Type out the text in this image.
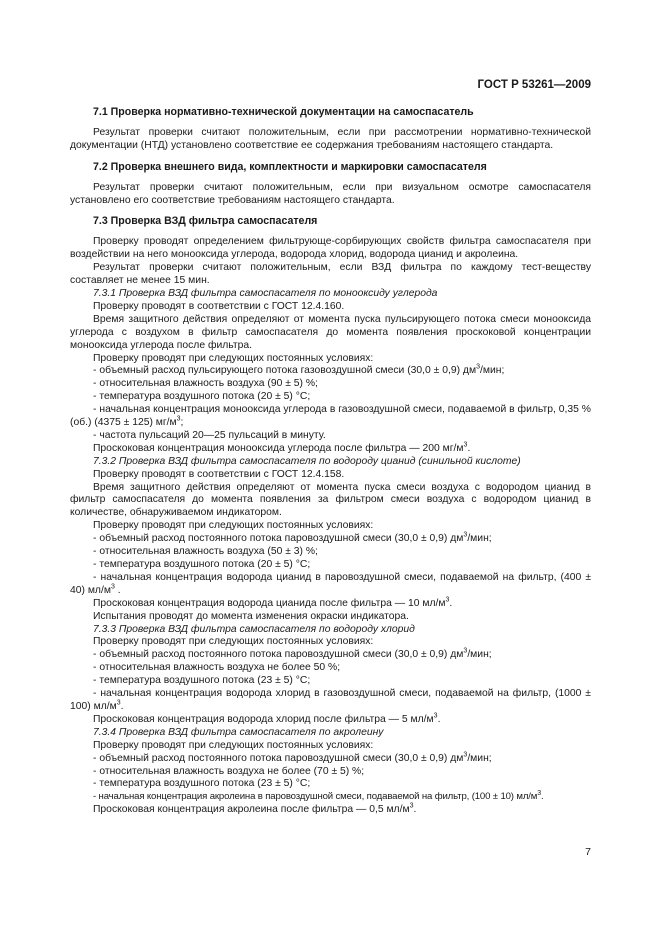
ГОСТ Р 53261—2009

7.1 Проверка нормативно-технической документации на самоспасатель

Результат проверки считают положительным, если при рассмотрении нормативно-технической документации (НТД) установлено соответствие ее содержания требованиям настоящего стандарта.

7.2 Проверка внешнего вида, комплектности и маркировки самоспасателя

Результат проверки считают положительным, если при визуальном осмотре самоспасателя установлено его соответствие требованиям настоящего стандарта.

7.3 Проверка ВЗД фильтра самоспасателя

Проверку проводят определением фильтрующе-сорбирующих свойств фильтра самоспасателя при воздействии на него монооксида углерода, водорода хлорид, водорода цианид и акролеина.

Результат проверки считают положительным, если ВЗД фильтра по каждому тест-веществу составляет не менее 15 мин.

7.3.1 Проверка ВЗД фильтра самоспасателя по монооксиду углерода

Проверку проводят в соответствии с ГОСТ 12.4.160.

Время защитного действия определяют от момента пуска пульсирующего потока смеси монооксида углерода с воздухом в фильтр самоспасателя до момента появления проскоковой концентрации монооксида углерода после фильтра.

Проверку проводят при следующих постоянных условиях:

- объемный расход пульсирующего потока газовоздушной смеси (30,0 ± 0,9) $дм^3$/мин;

- относительная влажность воздуха (90 ± 5) %;

- температура воздушного потока (20 ± 5) °С;

- начальная концентрация монооксида углерода в газовоздушной смеси, подаваемой в фильтр, 0,35 % (об.) (4375 ± 125) $мг/м^3$;

- частота пульсаций 20—25 пульсаций в минуту.

Проскоковая концентрация монооксида углерода после фильтра — 200 $мг/м^3$.

7.3.2 Проверка ВЗД фильтра самоспасателя по водороду цианид (синильной кислоте)

Проверку проводят в соответствии с ГОСТ 12.4.158.

Время защитного действия определяют от момента пуска смеси воздуха с водородом цианид в фильтр самоспасателя до момента появления за фильтром смеси воздуха с водородом цианид в количестве, обнаруживаемом индикатором.

Проверку проводят при следующих постоянных условиях:

- объемный расход постоянного потока паровоздушной смеси (30,0 ± 0,9) $дм^3$/мин;

- относительная влажность воздуха (50 ± 3) %;

- температура воздушного потока (20 ± 5) °С;

- начальная концентрация водорода цианид в паровоздушной смеси, подаваемой на фильтр, (400 ± 40) $мл/м^3$ .

Проскоковая концентрация водорода цианида после фильтра — 10 $мл/м^3$.

Испытания проводят до момента изменения окраски индикатора.

7.3.3 Проверка ВЗД фильтра самоспасателя по водороду хлорид

Проверку проводят при следующих постоянных условиях:

- объемный расход постоянного потока паровоздушной смеси (30,0 ± 0,9) $дм^3$/мин;

- относительная влажность воздуха не более 50 %;

- температура воздушного потока (23 ± 5) °С;

- начальная концентрация водорода хлорид в газовоздушной смеси, подаваемой на фильтр, (1000 ± 100) $мл/м^3$.

Проскоковая концентрация водорода хлорид после фильтра — 5 $мл/м^3$.

7.3.4 Проверка ВЗД фильтра самоспасателя по акролеину

Проверку проводят при следующих постоянных условиях:

- объемный расход постоянного потока паровоздушной смеси (30,0 ± 0,9) $дм^3$/мин;

- относительная влажность воздуха не более (70 ± 5) %;

- температура воздушного потока (23 ± 5) °С;

- начальная концентрация акролеина в паровоздушной смеси, подаваемой на фильтр, (100 ± 10) $мл/м^3$.

Проскоковая концентрация акролеина после фильтра — 0,5 $мл/м^3$.

7
